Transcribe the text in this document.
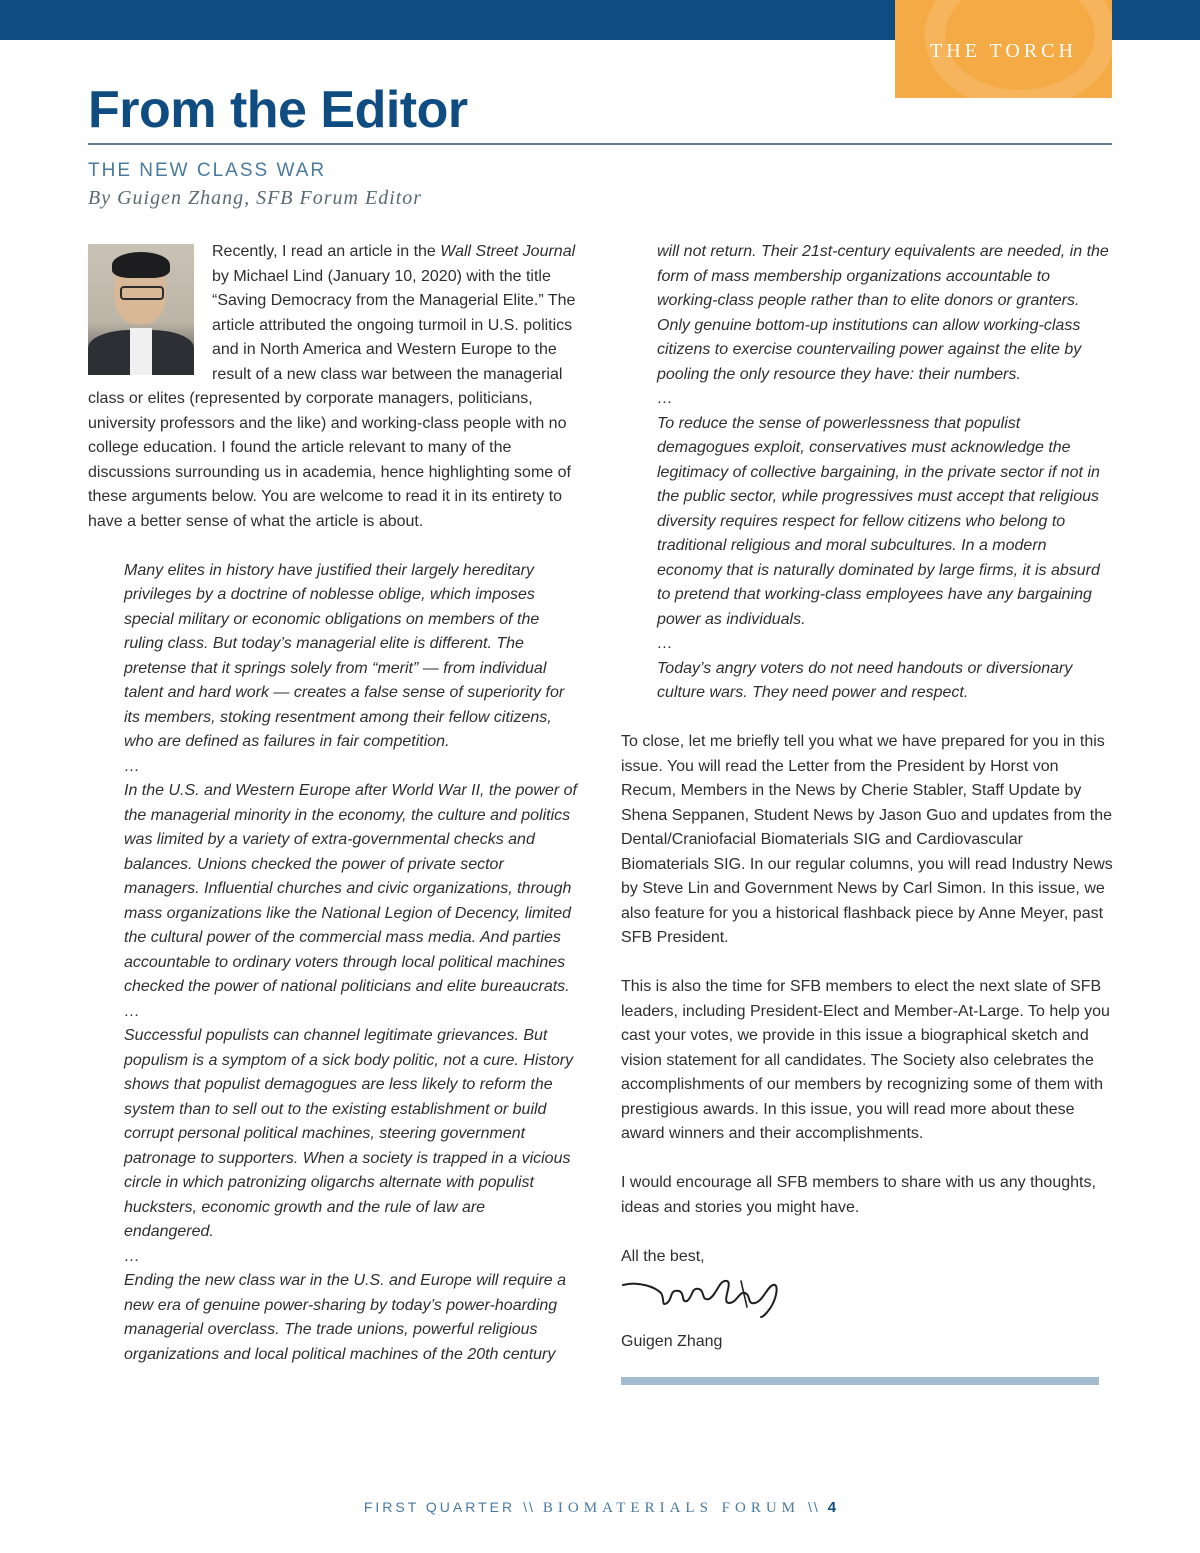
THE TORCH
From the Editor
THE NEW CLASS WAR
By Guigen Zhang, SFB Forum Editor

Recently, I read an article in the Wall Street Journal by Michael Lind (January 10, 2020) with the title “Saving Democracy from the Managerial Elite.” The article attributed the ongoing turmoil in U.S. politics and in North America and Western Europe to the result of a new class war between the managerial class or elites (represented by corporate managers, politicians, university professors and the like) and working-class people with no college education. I found the article relevant to many of the discussions surrounding us in academia, hence highlighting some of these arguments below. You are welcome to read it in its entirety to have a better sense of what the article is about.

Many elites in history have justified their largely hereditary privileges by a doctrine of noblesse oblige, which imposes special military or economic obligations on members of the ruling class. But today’s managerial elite is different. The pretense that it springs solely from “merit” — from individual talent and hard work — creates a false sense of superiority for its members, stoking resentment among their fellow citizens, who are defined as failures in fair competition.

…

In the U.S. and Western Europe after World War II, the power of the managerial minority in the economy, the culture and politics was limited by a variety of extra-governmental checks and balances. Unions checked the power of private sector managers. Influential churches and civic organizations, through mass organizations like the National Legion of Decency, limited the cultural power of the commercial mass media. And parties accountable to ordinary voters through local political machines checked the power of national politicians and elite bureaucrats.

…

Successful populists can channel legitimate grievances. But populism is a symptom of a sick body politic, not a cure. History shows that populist demagogues are less likely to reform the system than to sell out to the existing establishment or build corrupt personal political machines, steering government patronage to supporters. When a society is trapped in a vicious circle in which patronizing oligarchs alternate with populist hucksters, economic growth and the rule of law are endangered.

…

Ending the new class war in the U.S. and Europe will require a new era of genuine power-sharing by today’s power-hoarding managerial overclass. The trade unions, powerful religious organizations and local political machines of the 20th century

will not return. Their 21st-century equivalents are needed, in the form of mass membership organizations accountable to working-class people rather than to elite donors or granters. Only genuine bottom-up institutions can allow working-class citizens to exercise countervailing power against the elite by pooling the only resource they have: their numbers.

…

To reduce the sense of powerlessness that populist demagogues exploit, conservatives must acknowledge the legitimacy of collective bargaining, in the private sector if not in the public sector, while progressives must accept that religious diversity requires respect for fellow citizens who belong to traditional religious and moral subcultures. In a modern economy that is naturally dominated by large firms, it is absurd to pretend that working-class employees have any bargaining power as individuals.

…

Today’s angry voters do not need handouts or diversionary culture wars. They need power and respect.

To close, let me briefly tell you what we have prepared for you in this issue. You will read the Letter from the President by Horst von Recum, Members in the News by Cherie Stabler, Staff Update by Shena Seppanen, Student News by Jason Guo and updates from the Dental/Craniofacial Biomaterials SIG and Cardiovascular Biomaterials SIG. In our regular columns, you will read Industry News by Steve Lin and Government News by Carl Simon. In this issue, we also feature for you a historical flashback piece by Anne Meyer, past SFB President.

This is also the time for SFB members to elect the next slate of SFB leaders, including President-Elect and Member-At-Large. To help you cast your votes, we provide in this issue a biographical sketch and vision statement for all candidates. The Society also celebrates the accomplishments of our members by recognizing some of them with prestigious awards. In this issue, you will read more about these award winners and their accomplishments.

I would encourage all SFB members to share with us any thoughts, ideas and stories you might have.

All the best,

Guigen Zhang

FIRST QUARTER \\ BIOMATERIALS FORUM \\ 4
